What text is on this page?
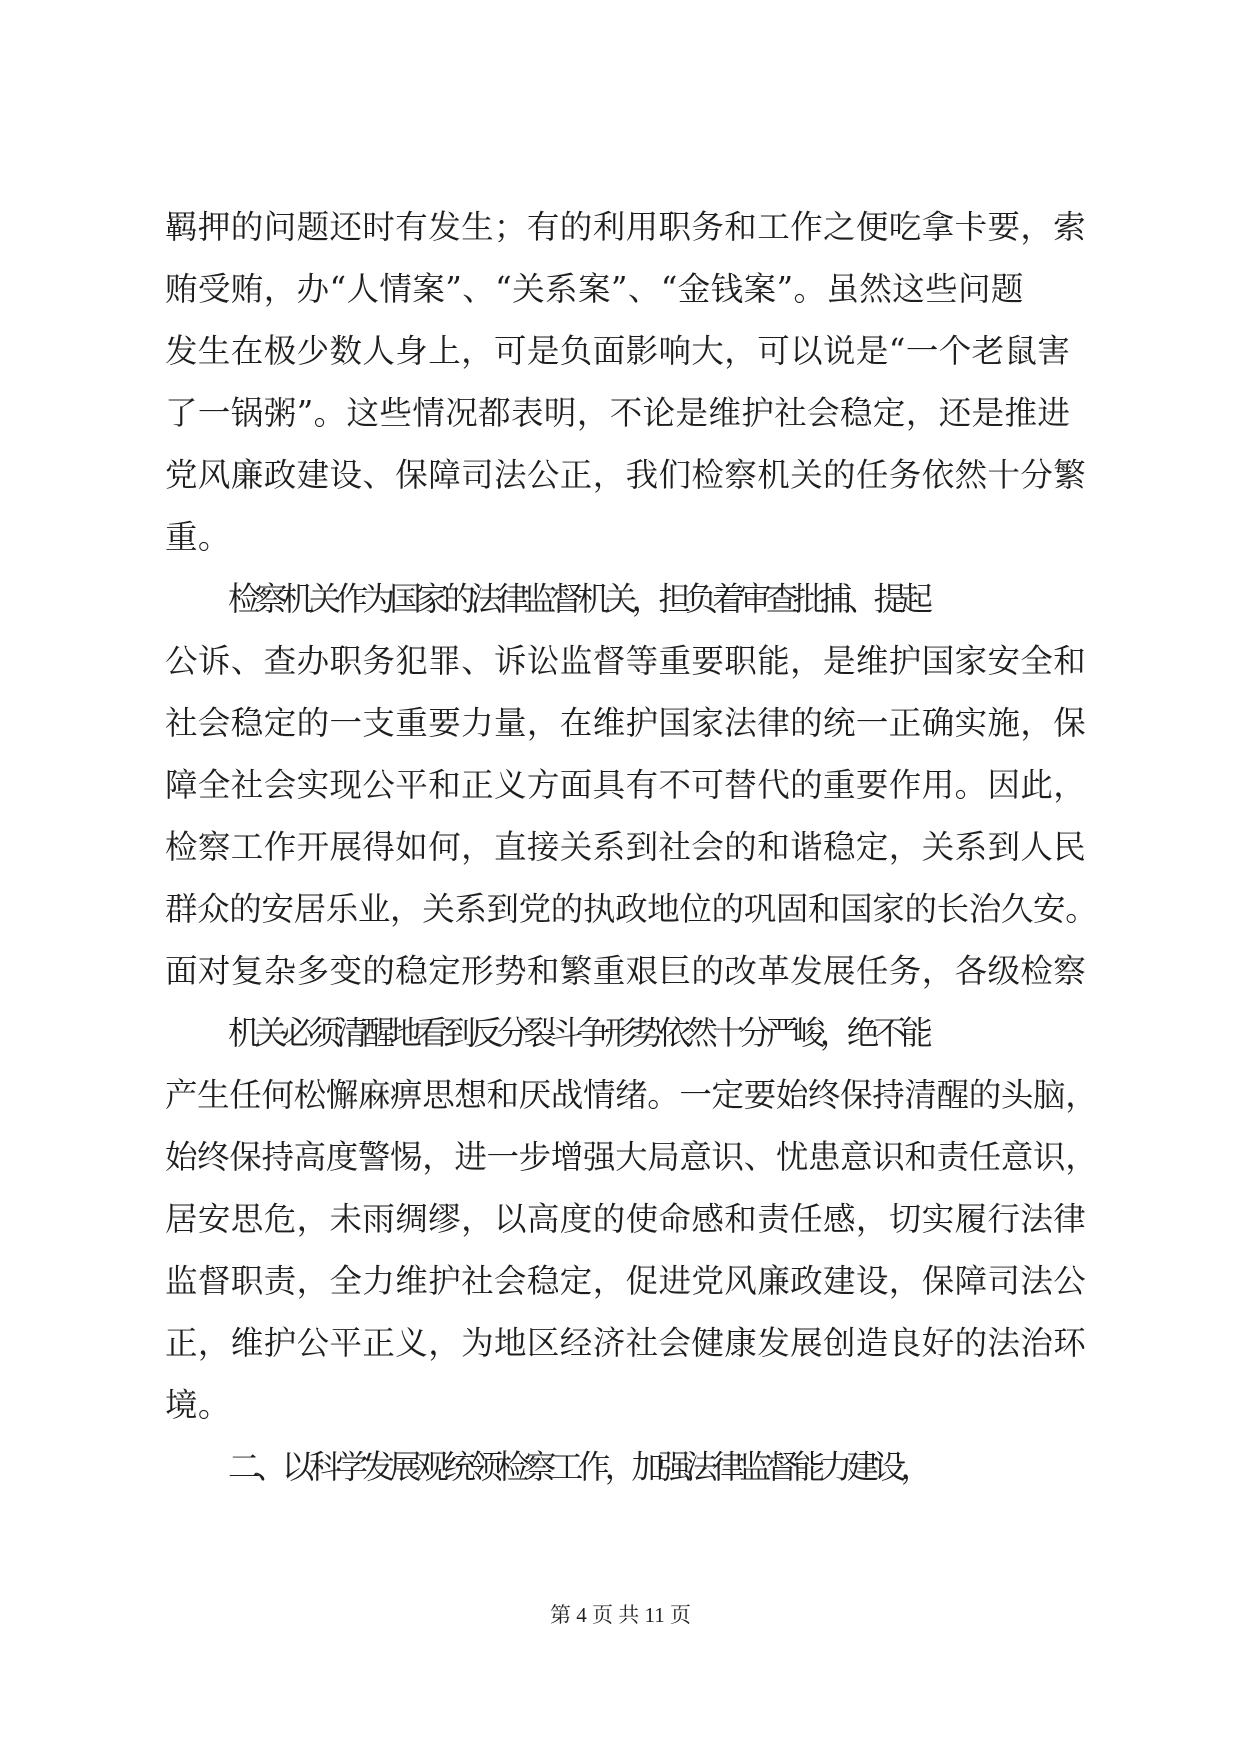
羁押的问题还时有发生；有的利用职务和工作之便吃拿卡要，索
贿受贿，办“人情案”、“关系案”、“金钱案”。虽然这些问题
发生在极少数人身上，可是负面影响大，可以说是“一个老鼠害
了一锅粥”。这些情况都表明，不论是维护社会稳定，还是推进
党风廉政建设、保障司法公正，我们检察机关的任务依然十分繁
重。
检察机关作为国家的法律监督机关，担负着审查批捕、提起
公诉、查办职务犯罪、诉讼监督等重要职能，是维护国家安全和
社会稳定的一支重要力量，在维护国家法律的统一正确实施，保
障全社会实现公平和正义方面具有不可替代的重要作用。因此，
检察工作开展得如何，直接关系到社会的和谐稳定，关系到人民
群众的安居乐业，关系到党的执政地位的巩固和国家的长治久安。
面对复杂多变的稳定形势和繁重艰巨的改革发展任务，各级检察
机关必须清醒地看到反分裂斗争形势依然十分严峻，绝不能
产生任何松懈麻痹思想和厌战情绪。一定要始终保持清醒的头脑，
始终保持高度警惕，进一步增强大局意识、忧患意识和责任意识，
居安思危，未雨绸缪，以高度的使命感和责任感，切实履行法律
监督职责，全力维护社会稳定，促进党风廉政建设，保障司法公
正，维护公平正义，为地区经济社会健康发展创造良好的法治环
境。
二、以科学发展观统领检察工作，加强法律监督能力建设，
第 4 页 共 11 页
